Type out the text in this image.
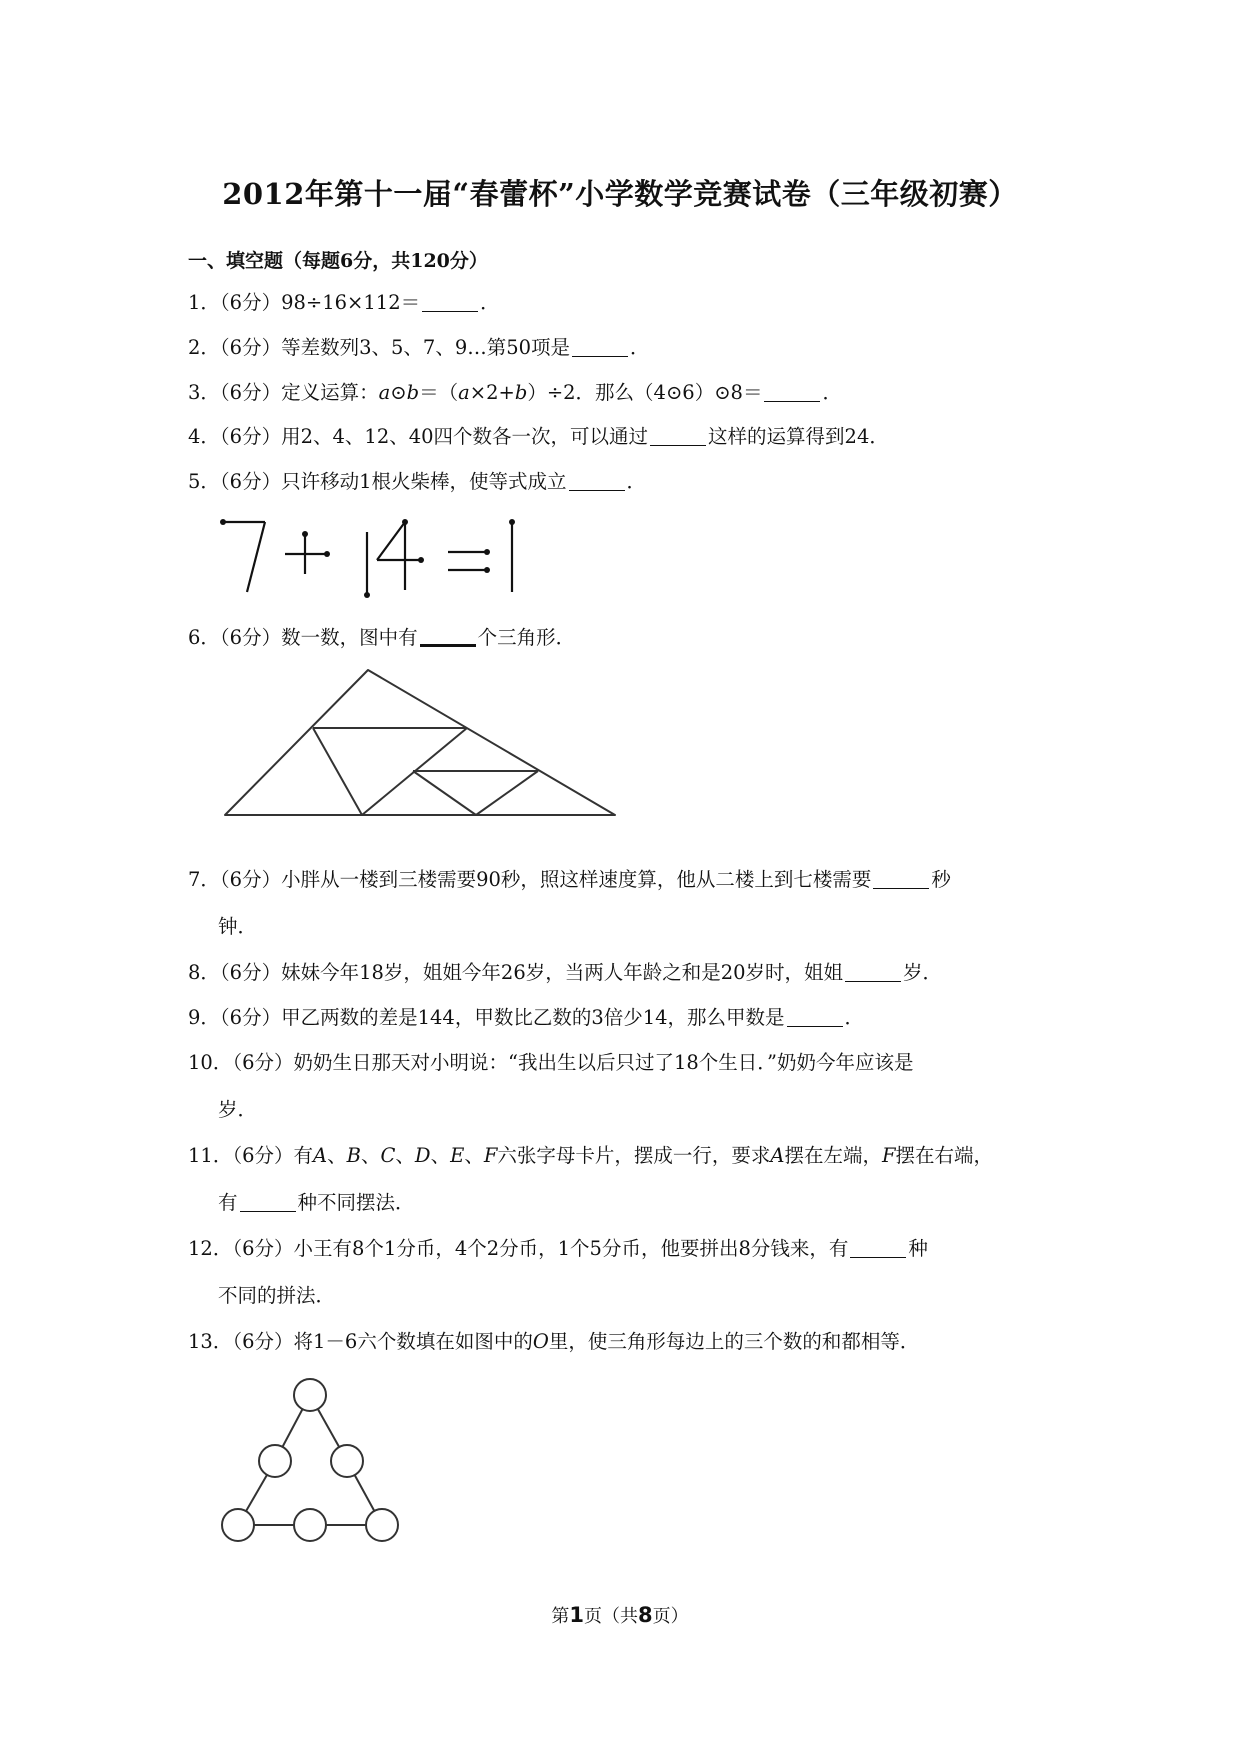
2012年第十一届“春蕾杯”小学数学竞赛试卷（三年级初赛）
一、填空题（每题6分，共120分）
1．（6分）98÷16×112＝	．
2．（6分）等差数列3、5、7、9…第50项是	．
3．（6分）定义运算：a⊙b＝（a×2+b）÷2．那么（4⊙6）⊙8＝	．
4．（6分）用2、4、12、40四个数各一次，可以通过	这样的运算得到24．
5．（6分）只许移动1根火柴棒，使等式成立	．
6．（6分）数一数，图中有	个三角形．
7．（6分）小胖从一楼到三楼需要90秒，照这样速度算，他从二楼上到七楼需要	秒
钟．
8．（6分）妹妹今年18岁，姐姐今年26岁，当两人年龄之和是20岁时，姐姐	岁．
9．（6分）甲乙两数的差是144，甲数比乙数的3倍少14，那么甲数是	．
10．（6分）奶奶生日那天对小明说：“我出生以后只过了18个生日．”奶奶今年应该是
岁．
11．（6分）有A、B、C、D、E、F六张字母卡片，摆成一行，要求A摆在左端，F摆在右端，
有	种不同摆法．
12．（6分）小王有8个1分币，4个2分币，1个5分币，他要拼出8分钱来，有	种
不同的拼法．
13．（6分）将1－6六个数填在如图中的O里，使三角形每边上的三个数的和都相等．
第1页（共8页）
